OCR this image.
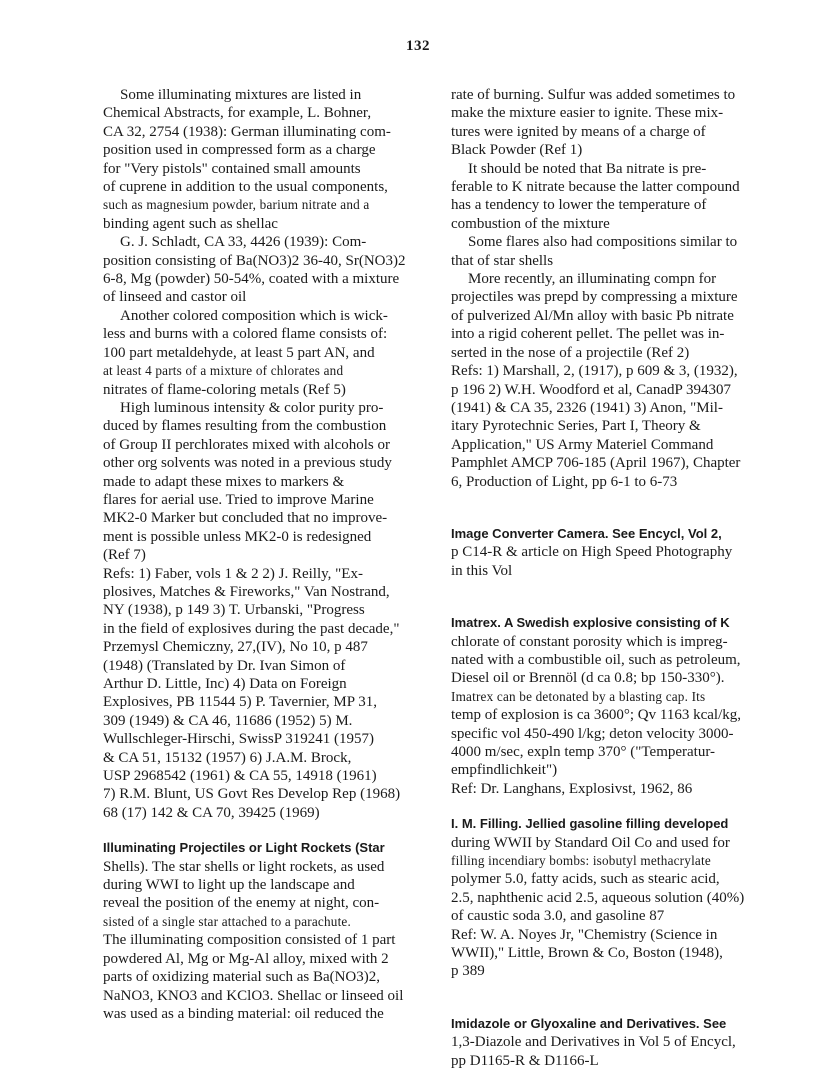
132
Some illuminating mixtures are listed in
Chemical Abstracts, for example, L. Bohner,
CA 32, 2754 (1938): German illuminating com-
position used in compressed form as a charge
for "Very pistols" contained small amounts
of cuprene in addition to the usual components,
such as magnesium powder, barium nitrate and a
binding agent such as shellac
G. J. Schladt, CA 33, 4426 (1939): Com-
position consisting of Ba(NO3)2 36-40, Sr(NO3)2
6-8, Mg (powder) 50-54%, coated with a mixture
of linseed and castor oil
Another colored composition which is wick-
less and burns with a colored flame consists of:
100 part metaldehyde, at least 5 part AN, and
at least 4 parts of a mixture of chlorates and
nitrates of flame-coloring metals (Ref 5)
High luminous intensity & color purity pro-
duced by flames resulting from the combustion
of Group II perchlorates mixed with alcohols or
other org solvents was noted in a previous study
made to adapt these mixes to markers &
flares for aerial use. Tried to improve Marine
MK2-0 Marker but concluded that no improve-
ment is possible unless MK2-0 is redesigned
(Ref 7)
Refs: 1) Faber, vols 1 & 2 2) J. Reilly, "Ex-
plosives, Matches & Fireworks," Van Nostrand,
NY (1938), p 149 3) T. Urbanski, "Progress
in the field of explosives during the past decade,"
Przemysl Chemiczny, 27,(IV), No 10, p 487
(1948) (Translated by Dr. Ivan Simon of
Arthur D. Little, Inc) 4) Data on Foreign
Explosives, PB 11544 5) P. Tavernier, MP 31,
309 (1949) & CA 46, 11686 (1952) 5) M.
Wullschleger-Hirschi, SwissP 319241 (1957)
& CA 51, 15132 (1957) 6) J.A.M. Brock,
USP 2968542 (1961) & CA 55, 14918 (1961)
7) R.M. Blunt, US Govt Res Develop Rep (1968)
68 (17) 142 & CA 70, 39425 (1969)
Illuminating Projectiles or Light Rockets (Star
Shells). The star shells or light rockets, as used
during WWI to light up the landscape and
reveal the position of the enemy at night, con-
sisted of a single star attached to a parachute.
The illuminating composition consisted of 1 part
powdered Al, Mg or Mg-Al alloy, mixed with 2
parts of oxidizing material such as Ba(NO3)2,
NaNO3, KNO3 and KClO3. Shellac or linseed oil
was used as a binding material: oil reduced the
rate of burning. Sulfur was added sometimes to
make the mixture easier to ignite. These mix-
tures were ignited by means of a charge of
Black Powder (Ref 1)
It should be noted that Ba nitrate is pre-
ferable to K nitrate because the latter compound
has a tendency to lower the temperature of
combustion of the mixture
Some flares also had compositions similar to
that of star shells
More recently, an illuminating compn for
projectiles was prepd by compressing a mixture
of pulverized Al/Mn alloy with basic Pb nitrate
into a rigid coherent pellet. The pellet was in-
serted in the nose of a projectile (Ref 2)
Refs: 1) Marshall, 2, (1917), p 609 & 3, (1932),
p 196 2) W.H. Woodford et al, CanadP 394307
(1941) & CA 35, 2326 (1941) 3) Anon, "Mil-
itary Pyrotechnic Series, Part I, Theory &
Application," US Army Materiel Command
Pamphlet AMCP 706-185 (April 1967), Chapter
6, Production of Light, pp 6-1 to 6-73
Image Converter Camera. See Encycl, Vol 2,
p C14-R & article on High Speed Photography
in this Vol
Imatrex. A Swedish explosive consisting of K
chlorate of constant porosity which is impreg-
nated with a combustible oil, such as petroleum,
Diesel oil or Brennöl (d ca 0.8; bp 150-330°).
Imatrex can be detonated by a blasting cap. Its
temp of explosion is ca 3600°; Qv 1163 kcal/kg,
specific vol 450-490 l/kg; deton velocity 3000-
4000 m/sec, expln temp 370° ("Temperatur-
empfindlichkeit")
Ref: Dr. Langhans, Explosivst, 1962, 86
I. M. Filling. Jellied gasoline filling developed
during WWII by Standard Oil Co and used for
filling incendiary bombs: isobutyl methacrylate
polymer 5.0, fatty acids, such as stearic acid,
2.5, naphthenic acid 2.5, aqueous solution (40%)
of caustic soda 3.0, and gasoline 87
Ref: W. A. Noyes Jr, "Chemistry (Science in
WWII)," Little, Brown & Co, Boston (1948),
p 389
Imidazole or Glyoxaline and Derivatives. See
1,3-Diazole and Derivatives in Vol 5 of Encycl,
pp D1165-R & D1166-L
